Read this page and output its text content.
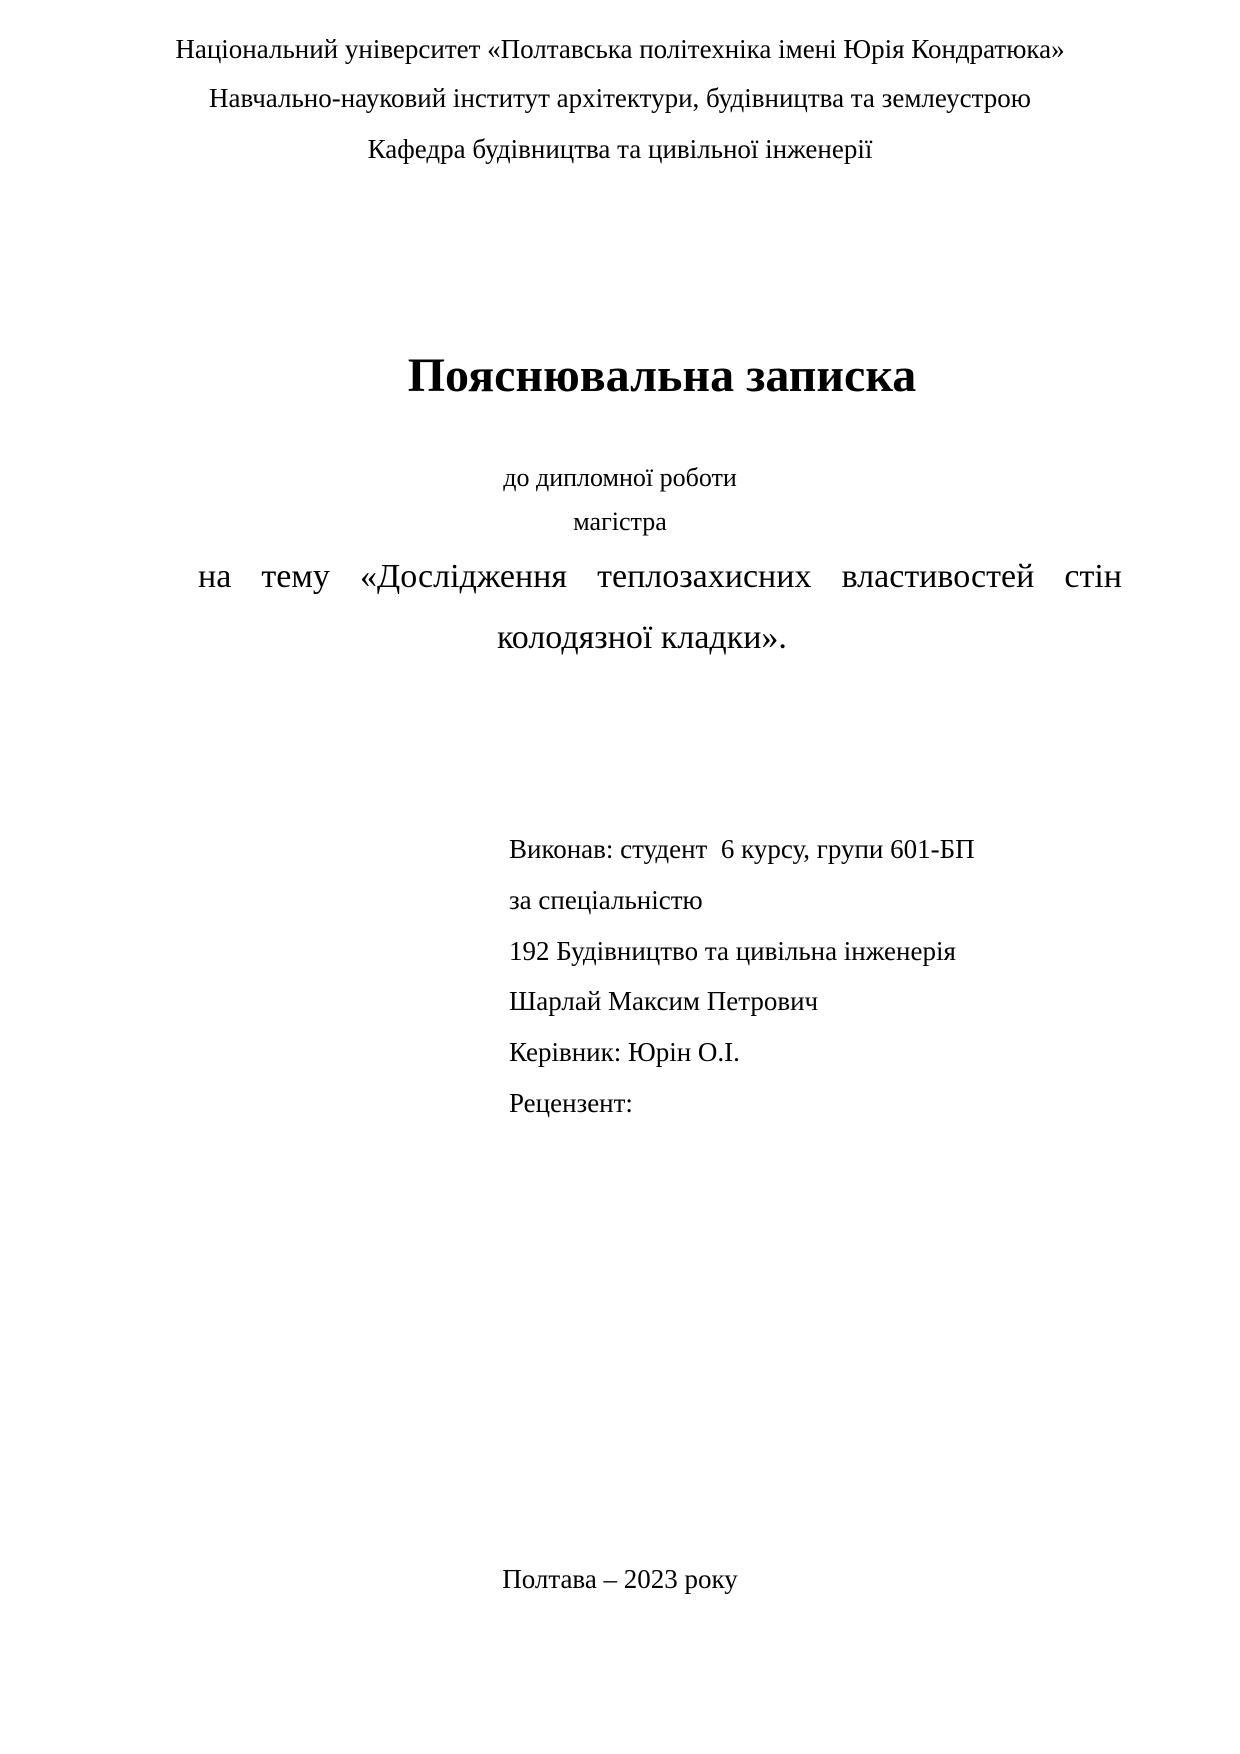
Національний університет «Полтавська політехніка імені Юрія Кондратюка»
Навчально-науковий інститут архітектури, будівництва та землеустрою
Кафедра будівництва та цивільної інженерії
Пояснювальна записка
до дипломної роботи
магістра
на тему «Дослідження теплозахисних властивостей стін
колодязної кладки».
Виконав: студент  6 курсу, групи 601-БП
за спеціальністю
192 Будівництво та цивільна інженерія
Шарлай Максим Петрович
Керівник: Юрін О.І.
Рецензент:
Полтава – 2023 року
